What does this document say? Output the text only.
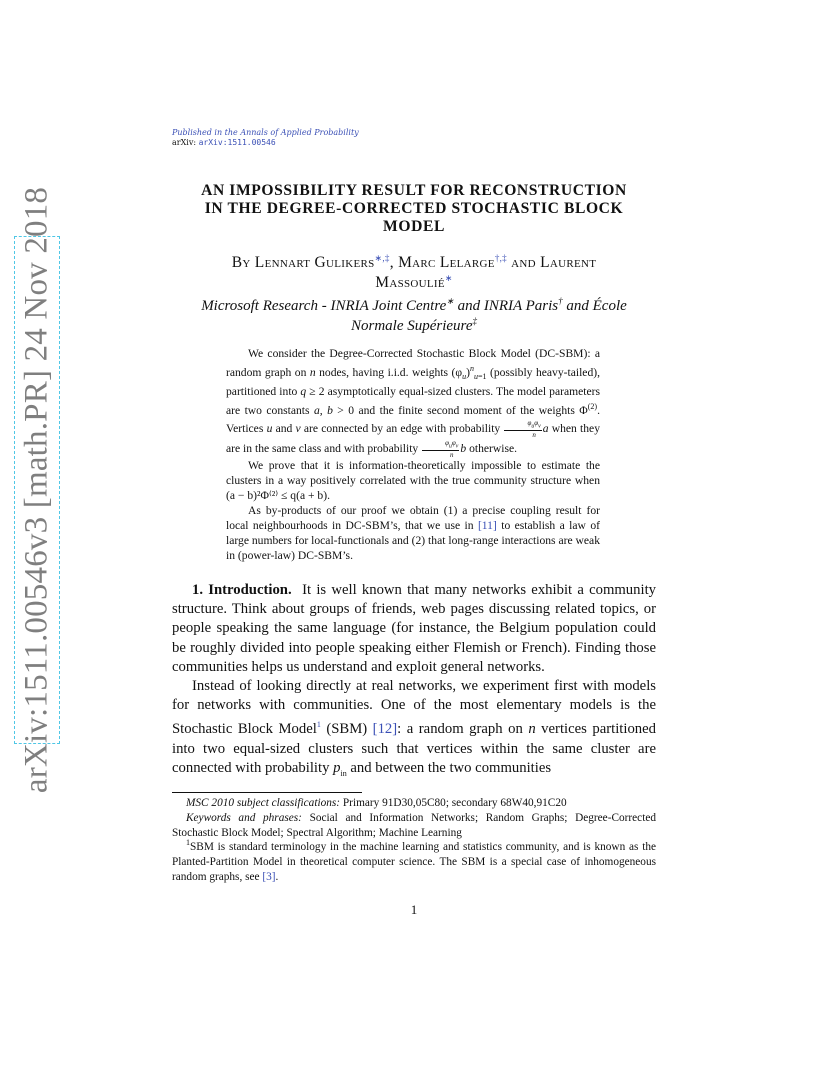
arXiv:1511.00546v3 [math.PR] 24 Nov 2018
Published in the Annals of Applied Probability
arXiv: arXiv:1511.00546
AN IMPOSSIBILITY RESULT FOR RECONSTRUCTION
IN THE DEGREE-CORRECTED STOCHASTIC BLOCK
MODEL
By Lennart Gulikers∗,‡, Marc Lelarge†,‡ and Laurent
Massoulié∗
Microsoft Research - INRIA Joint Centre∗ and INRIA Paris† and École
Normale Supérieure‡

We consider the Degree-Corrected Stochastic Block Model (DC-SBM): a random graph on n nodes, having i.i.d. weights $(\varphi_u)^n_{u=1}$ (possibly heavy-tailed), partitioned into q ≥ 2 asymptotically equal-sized clusters. The model parameters are two constants a, b > 0 and the finite second moment of the weights $\Phi^{(2)}$. Vertices u and v are connected by an edge with probability $\frac{\varphi_u\varphi_v}{n}$ a when they are in the same class and with probability $\frac{\varphi_u\varphi_v}{n}$ b otherwise.

We prove that it is information-theoretically impossible to estimate the clusters in a way positively correlated with the true community structure when (a − b)²Φ⁽²⁾ ≤ q(a + b).

As by-products of our proof we obtain (1) a precise coupling result for local neighbourhoods in DC-SBM’s, that we use in [11] to establish a law of large numbers for local-functionals and (2) that long-range interactions are weak in (power-law) DC-SBM’s.

1. Introduction. It is well known that many networks exhibit a community structure. Think about groups of friends, web pages discussing related topics, or people speaking the same language (for instance, the Belgium population could be roughly divided into people speaking either Flemish or French). Finding those communities helps us understand and exploit general networks.

Instead of looking directly at real networks, we experiment first with models for networks with communities. One of the most elementary models is the Stochastic Block Model$^1$ (SBM) [12]: a random graph on n vertices partitioned into two equal-sized clusters such that vertices within the same cluster are connected with probability $p_{in}$ and between the two communities

MSC 2010 subject classifications: Primary 91D30,05C80; secondary 68W40,91C20

Keywords and phrases: Social and Information Networks; Random Graphs; Degree-Corrected Stochastic Block Model; Spectral Algorithm; Machine Learning

$^1$SBM is standard terminology in the machine learning and statistics community, and is known as the Planted-Partition Model in theoretical computer science. The SBM is a special case of inhomogeneous random graphs, see [3].

1
